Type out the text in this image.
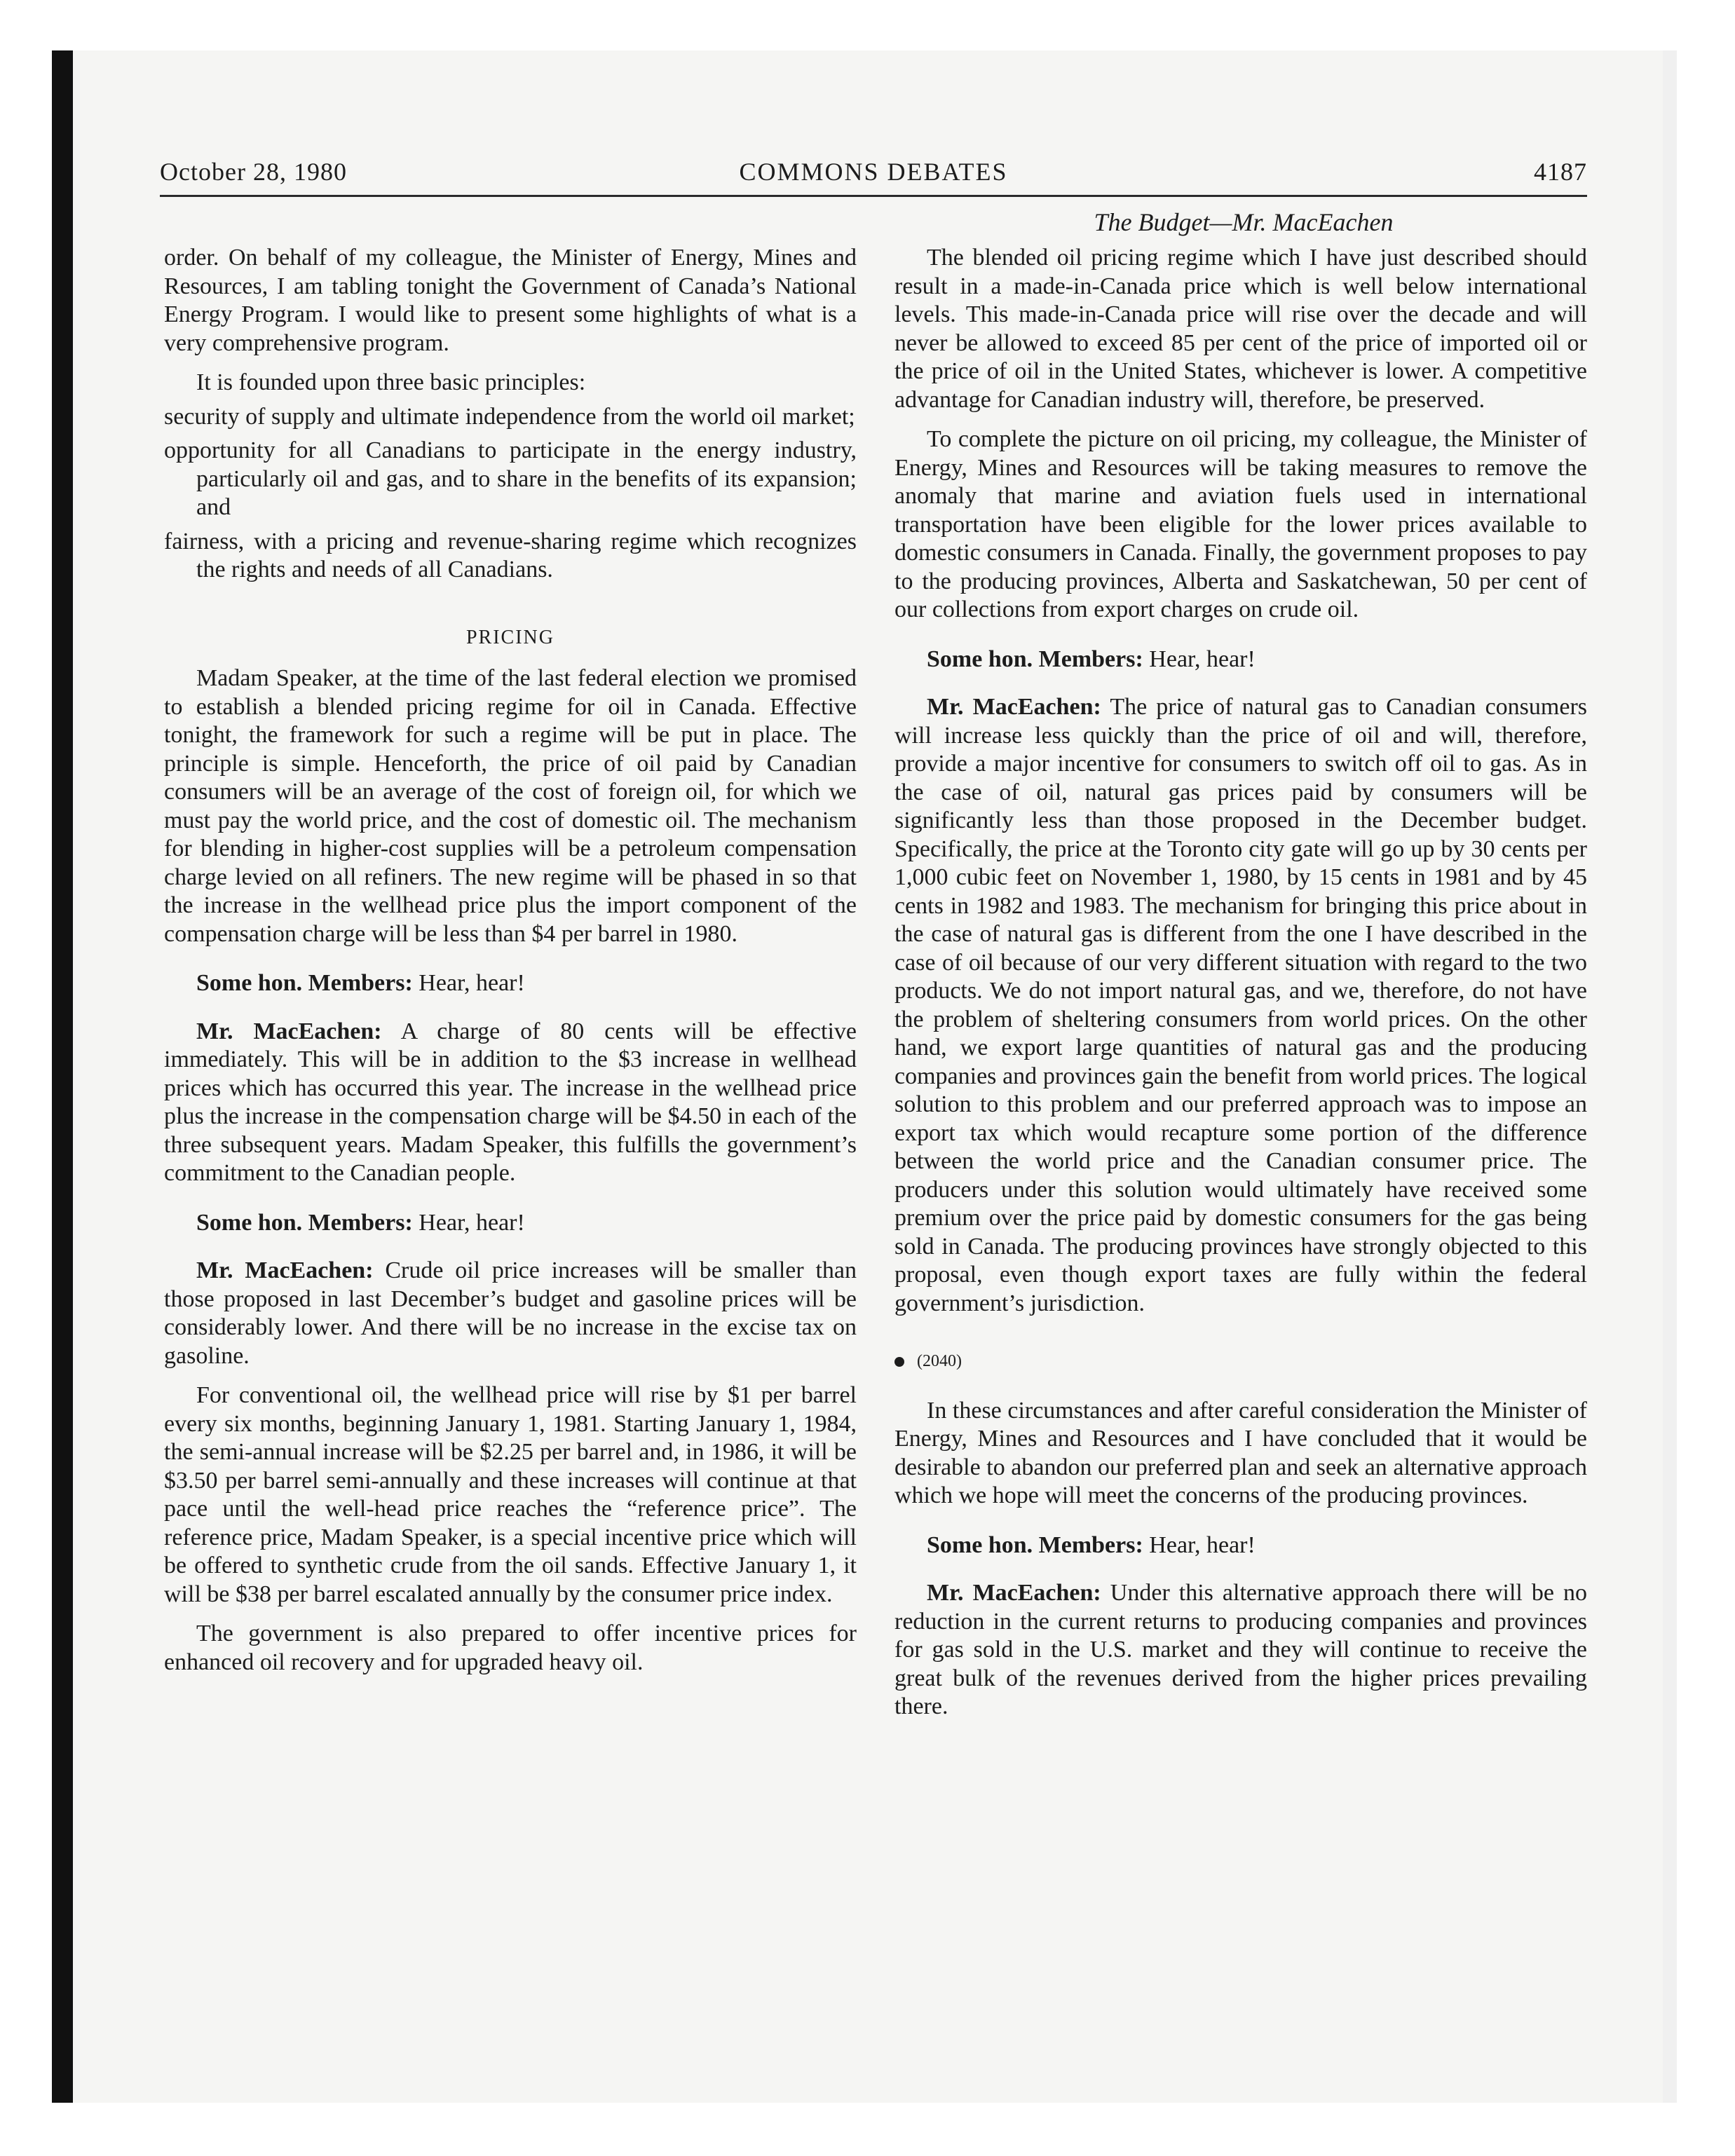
October 28, 1980	COMMONS DEBATES	4187
The Budget—Mr. MacEachen

order. On behalf of my colleague, the Minister of Energy, Mines and Resources, I am tabling tonight the Government of Canada’s National Energy Program. I would like to present some highlights of what is a very comprehensive program.

It is founded upon three basic principles:

security of supply and ultimate independence from the world oil market;
opportunity for all Canadians to participate in the energy industry, particularly oil and gas, and to share in the benefits of its expansion; and
fairness, with a pricing and revenue-sharing regime which recognizes the rights and needs of all Canadians.
PRICING

Madam Speaker, at the time of the last federal election we promised to establish a blended pricing regime for oil in Canada. Effective tonight, the framework for such a regime will be put in place. The principle is simple. Henceforth, the price of oil paid by Canadian consumers will be an average of the cost of foreign oil, for which we must pay the world price, and the cost of domestic oil. The mechanism for blending in higher-cost supplies will be a petroleum compensation charge levied on all refiners. The new regime will be phased in so that the increase in the wellhead price plus the import component of the compensation charge will be less than $4 per barrel in 1980.

Some hon. Members: Hear, hear!

Mr. MacEachen: A charge of 80 cents will be effective immediately. This will be in addition to the $3 increase in wellhead prices which has occurred this year. The increase in the wellhead price plus the increase in the compensation charge will be $4.50 in each of the three subsequent years. Madam Speaker, this fulfills the government’s commitment to the Canadian people.

Some hon. Members: Hear, hear!

Mr. MacEachen: Crude oil price increases will be smaller than those proposed in last December’s budget and gasoline prices will be considerably lower. And there will be no increase in the excise tax on gasoline.

For conventional oil, the wellhead price will rise by $1 per barrel every six months, beginning January 1, 1981. Starting January 1, 1984, the semi-annual increase will be $2.25 per barrel and, in 1986, it will be $3.50 per barrel semi-annually and these increases will continue at that pace until the well-head price reaches the “reference price”. The reference price, Madam Speaker, is a special incentive price which will be offered to synthetic crude from the oil sands. Effective January 1, it will be $38 per barrel escalated annually by the consumer price index.

The government is also prepared to offer incentive prices for enhanced oil recovery and for upgraded heavy oil.

The blended oil pricing regime which I have just described should result in a made-in-Canada price which is well below international levels. This made-in-Canada price will rise over the decade and will never be allowed to exceed 85 per cent of the price of imported oil or the price of oil in the United States, whichever is lower. A competitive advantage for Canadian industry will, therefore, be preserved.

To complete the picture on oil pricing, my colleague, the Minister of Energy, Mines and Resources will be taking measures to remove the anomaly that marine and aviation fuels used in international transportation have been eligible for the lower prices available to domestic consumers in Canada. Finally, the government proposes to pay to the producing provinces, Alberta and Saskatchewan, 50 per cent of our collections from export charges on crude oil.

Some hon. Members: Hear, hear!

Mr. MacEachen: The price of natural gas to Canadian consumers will increase less quickly than the price of oil and will, therefore, provide a major incentive for consumers to switch off oil to gas. As in the case of oil, natural gas prices paid by consumers will be significantly less than those proposed in the December budget. Specifically, the price at the Toronto city gate will go up by 30 cents per 1,000 cubic feet on November 1, 1980, by 15 cents in 1981 and by 45 cents in 1982 and 1983. The mechanism for bringing this price about in the case of natural gas is different from the one I have described in the case of oil because of our very different situation with regard to the two products. We do not import natural gas, and we, therefore, do not have the problem of sheltering consumers from world prices. On the other hand, we export large quantities of natural gas and the producing companies and provinces gain the benefit from world prices. The logical solution to this problem and our preferred approach was to impose an export tax which would recapture some portion of the difference between the world price and the Canadian consumer price. The producers under this solution would ultimately have received some premium over the price paid by domestic consumers for the gas being sold in Canada. The producing provinces have strongly objected to this proposal, even though export taxes are fully within the federal government’s jurisdiction.

(2040)

In these circumstances and after careful consideration the Minister of Energy, Mines and Resources and I have concluded that it would be desirable to abandon our preferred plan and seek an alternative approach which we hope will meet the concerns of the producing provinces.

Some hon. Members: Hear, hear!

Mr. MacEachen: Under this alternative approach there will be no reduction in the current returns to producing companies and provinces for gas sold in the U.S. market and they will continue to receive the great bulk of the revenues derived from the higher prices prevailing there.
